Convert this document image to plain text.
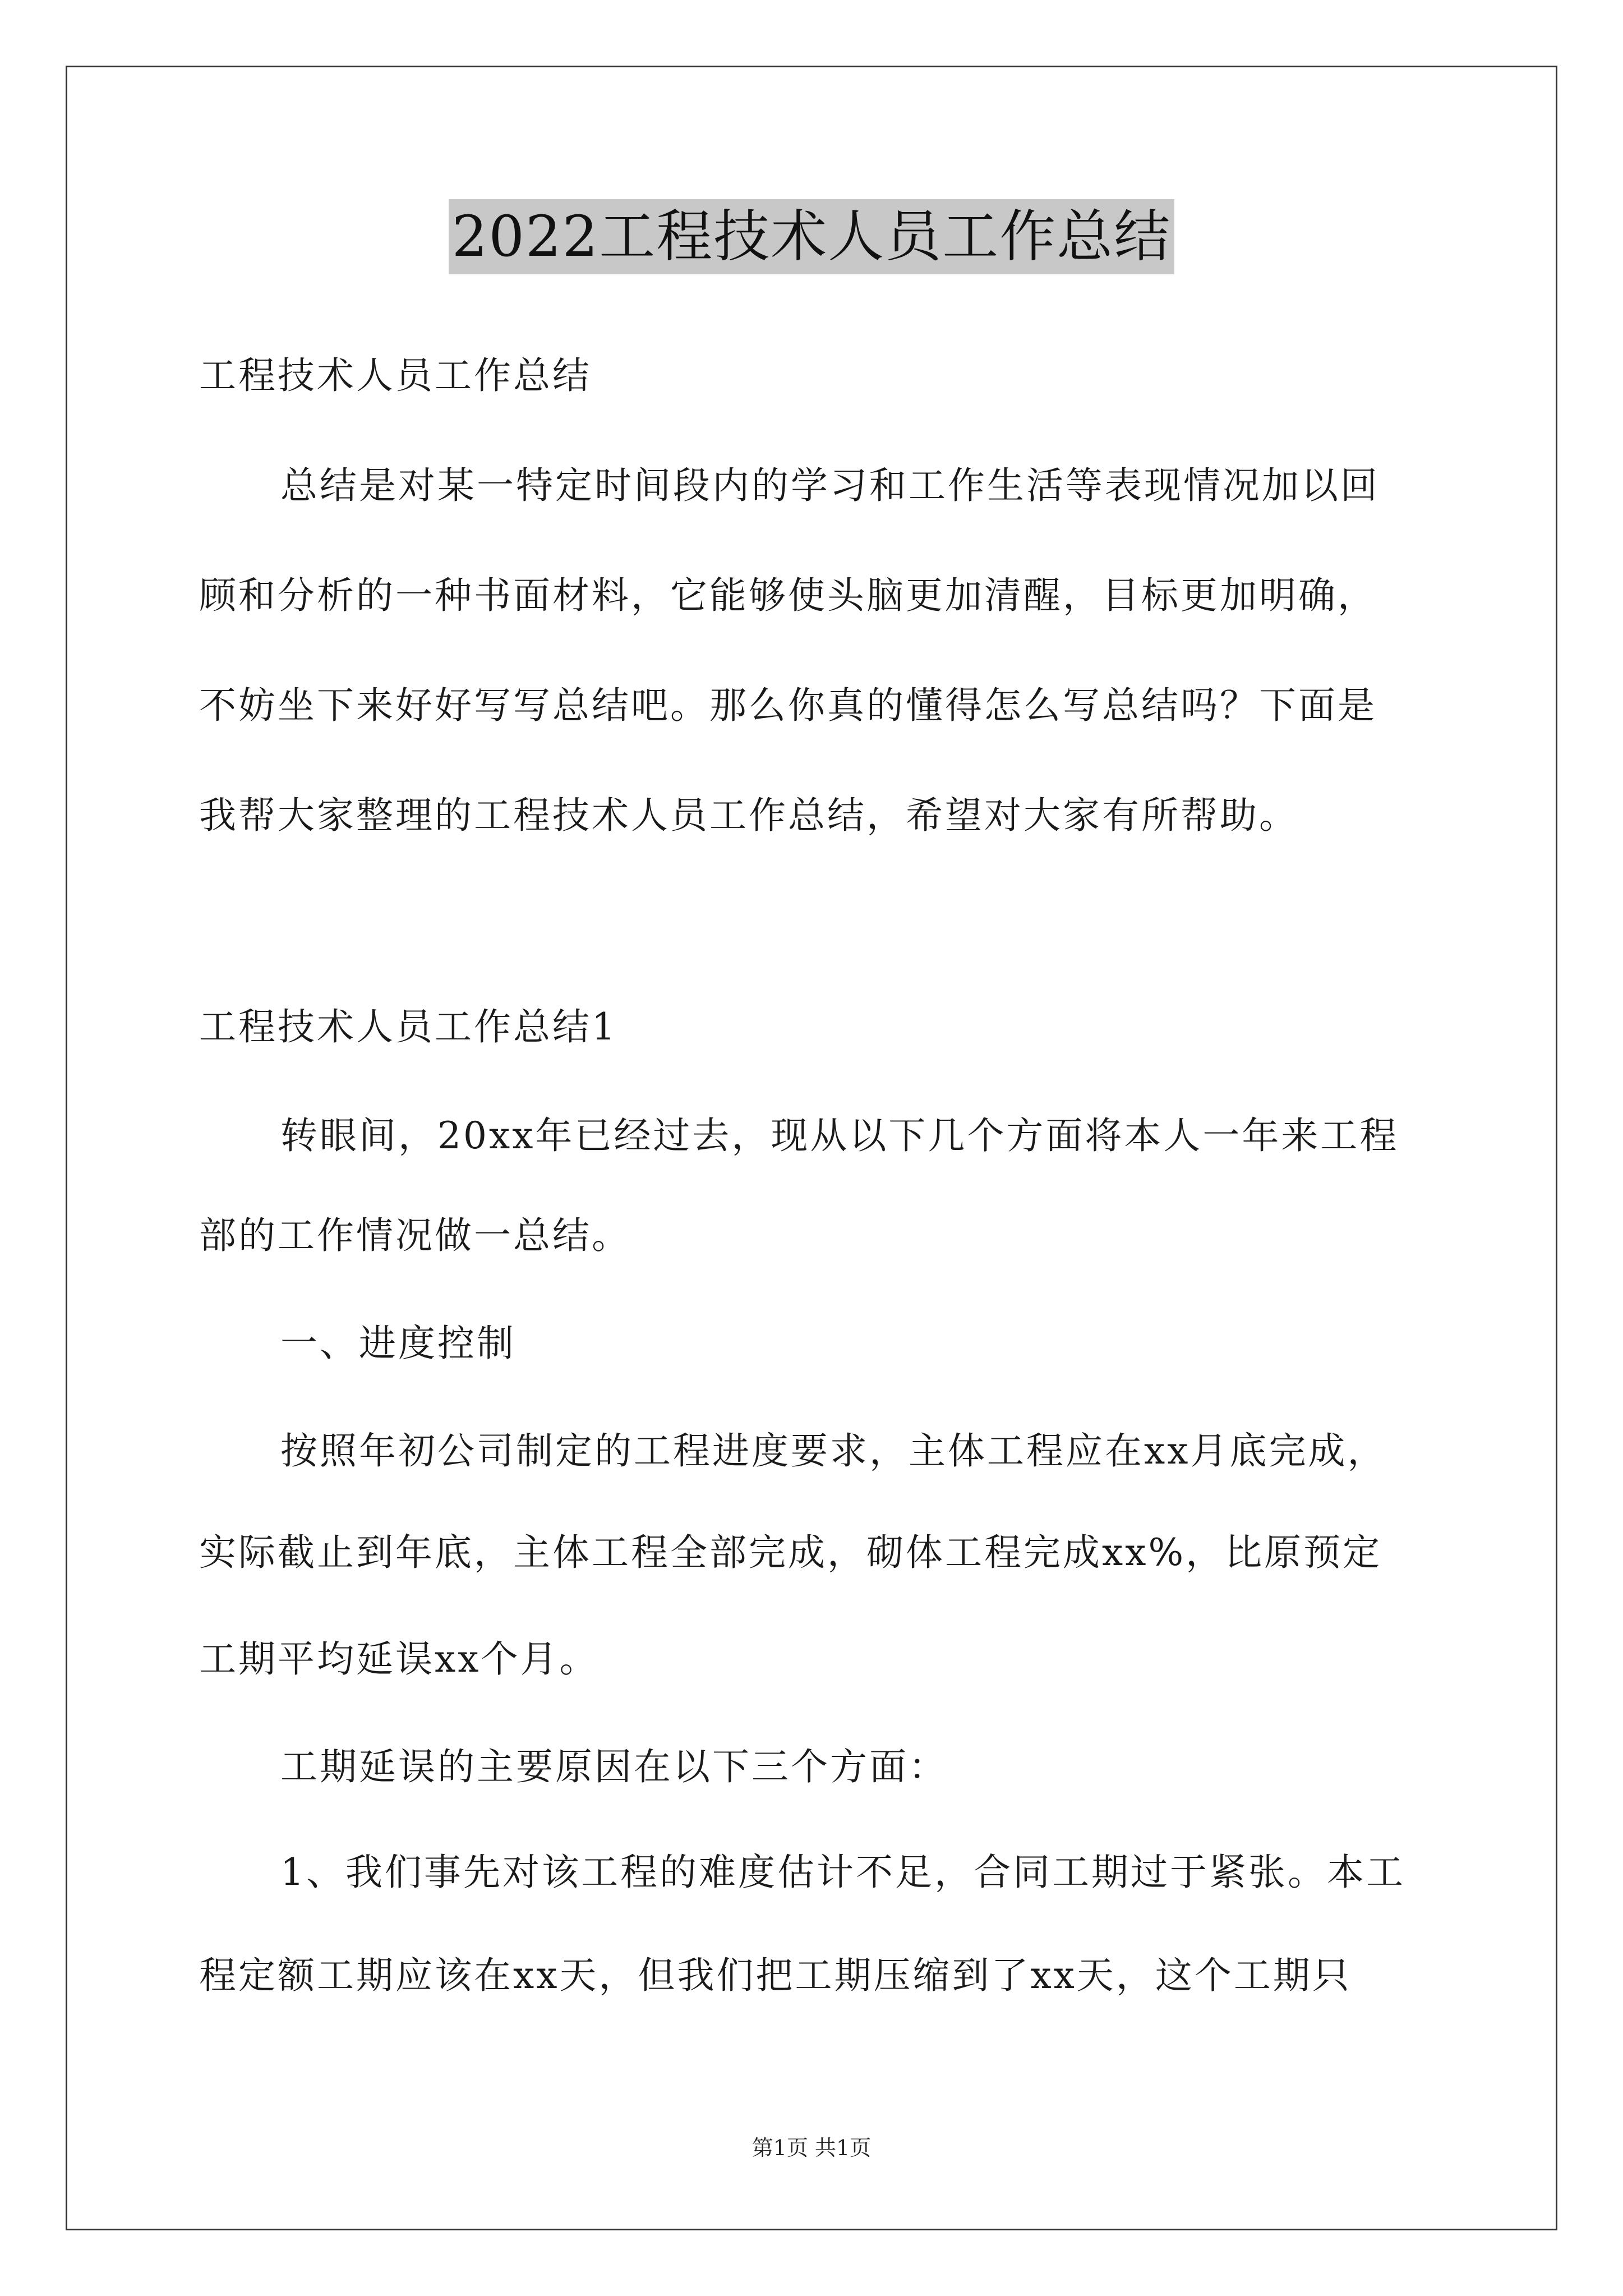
2022工程技术人员工作总结
工程技术人员工作总结
总结是对某一特定时间段内的学习和工作生活等表现情况加以回
顾和分析的一种书面材料，它能够使头脑更加清醒，目标更加明确，
不妨坐下来好好写写总结吧。那么你真的懂得怎么写总结吗？下面是
我帮大家整理的工程技术人员工作总结，希望对大家有所帮助。
工程技术人员工作总结1
转眼间，20xx年已经过去，现从以下几个方面将本人一年来工程
部的工作情况做一总结。
一、进度控制
按照年初公司制定的工程进度要求，主体工程应在xx月底完成，
实际截止到年底，主体工程全部完成，砌体工程完成xx%，比原预定
工期平均延误xx个月。
工期延误的主要原因在以下三个方面：
1、我们事先对该工程的难度估计不足，合同工期过于紧张。本工
程定额工期应该在xx天，但我们把工期压缩到了xx天，这个工期只
第1页 共1页
